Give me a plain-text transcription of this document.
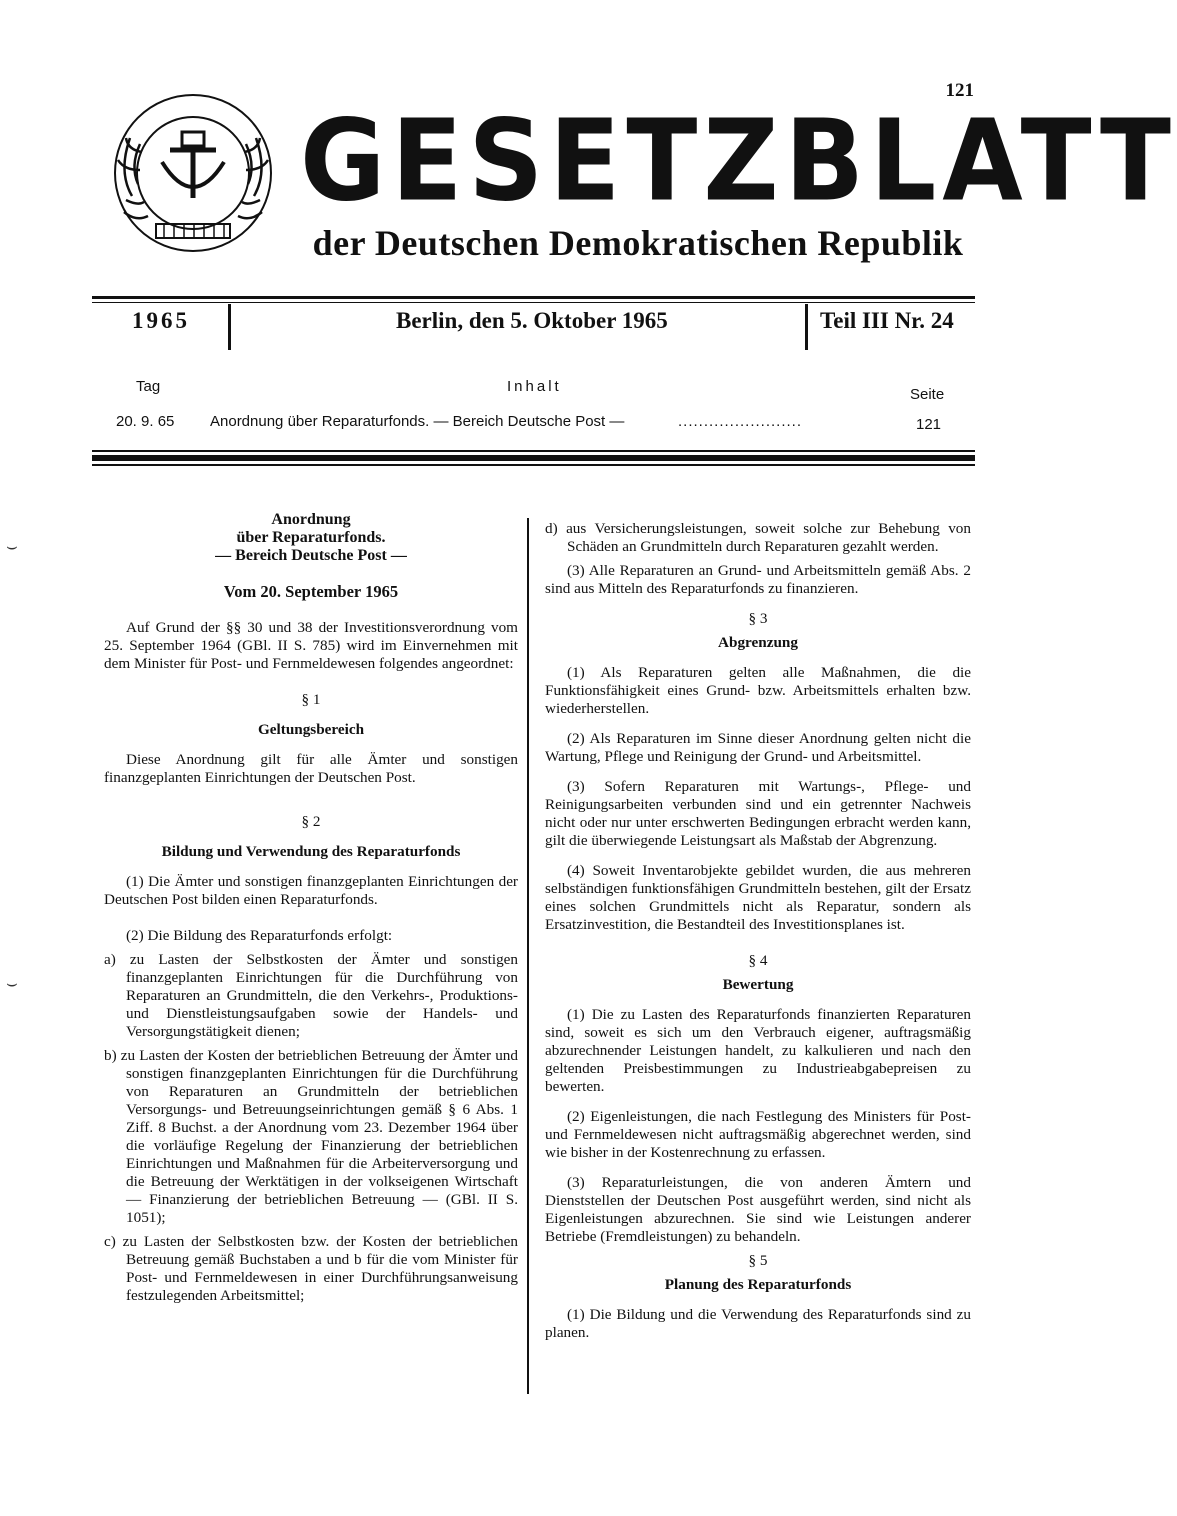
121
GESETZBLATT
der Deutschen Demokratischen Republik
1965	Berlin, den 5. Oktober 1965	Teil III Nr. 24
Tag	Inhalt	Seite
20. 9. 65 Anordnung über Reparaturfonds. — Bereich Deutsche Post —	........................	121
⌣
⌣

Anordnung

über Reparaturfonds.

— Bereich Deutsche Post —

Vom 20. September 1965

Auf Grund der §§ 30 und 38 der Investitionsverordnung vom 25. September 1964 (GBl. II S. 785) wird im Einvernehmen mit dem Minister für Post- und Fernmeldewesen folgendes angeordnet:

§ 1

Geltungsbereich

Diese Anordnung gilt für alle Ämter und sonstigen finanzgeplanten Einrichtungen der Deutschen Post.

§ 2

Bildung und Verwendung des Reparaturfonds

(1) Die Ämter und sonstigen finanzgeplanten Einrichtungen der Deutschen Post bilden einen Reparaturfonds.

(2) Die Bildung des Reparaturfonds erfolgt:

a) zu Lasten der Selbstkosten der Ämter und sonstigen finanzgeplanten Einrichtungen für die Durchführung von Reparaturen an Grundmitteln, die den Verkehrs-, Produktions- und Dienstleistungsaufgaben sowie der Handels- und Versorgungstätigkeit dienen;

b) zu Lasten der Kosten der betrieblichen Betreuung der Ämter und sonstigen finanzgeplanten Einrichtungen für die Durchführung von Reparaturen an Grundmitteln der betrieblichen Versorgungs- und Betreuungseinrichtungen gemäß § 6 Abs. 1 Ziff. 8 Buchst. a der Anordnung vom 23. Dezember 1964 über die vorläufige Regelung der Finanzierung der betrieblichen Einrichtungen und Maßnahmen für die Arbeiterversorgung und die Betreuung der Werktätigen in der volkseigenen Wirtschaft — Finanzierung der betrieblichen Betreuung — (GBl. II S. 1051);

c) zu Lasten der Selbstkosten bzw. der Kosten der betrieblichen Betreuung gemäß Buchstaben a und b für die vom Minister für Post- und Fernmeldewesen in einer Durchführungsanweisung festzulegenden Arbeitsmittel;

d) aus Versicherungsleistungen, soweit solche zur Behebung von Schäden an Grundmitteln durch Reparaturen gezahlt werden.

(3) Alle Reparaturen an Grund- und Arbeitsmitteln gemäß Abs. 2 sind aus Mitteln des Reparaturfonds zu finanzieren.

§ 3

Abgrenzung

(1) Als Reparaturen gelten alle Maßnahmen, die die Funktionsfähigkeit eines Grund- bzw. Arbeitsmittels erhalten bzw. wiederherstellen.

(2) Als Reparaturen im Sinne dieser Anordnung gelten nicht die Wartung, Pflege und Reinigung der Grund- und Arbeitsmittel.

(3) Sofern Reparaturen mit Wartungs-, Pflege- und Reinigungsarbeiten verbunden sind und ein getrennter Nachweis nicht oder nur unter erschwerten Bedingungen erbracht werden kann, gilt die überwiegende Leistungsart als Maßstab der Abgrenzung.

(4) Soweit Inventarobjekte gebildet wurden, die aus mehreren selbständigen funktionsfähigen Grundmitteln bestehen, gilt der Ersatz eines solchen Grundmittels nicht als Reparatur, sondern als Ersatzinvestition, die Bestandteil des Investitionsplanes ist.

§ 4

Bewertung

(1) Die zu Lasten des Reparaturfonds finanzierten Reparaturen sind, soweit es sich um den Verbrauch eigener, auftragsmäßig abzurechnender Leistungen handelt, zu kalkulieren und nach den geltenden Preisbestimmungen zu Industrieabgabepreisen zu bewerten.

(2) Eigenleistungen, die nach Festlegung des Ministers für Post- und Fernmeldewesen nicht auftragsmäßig abgerechnet werden, sind wie bisher in der Kostenrechnung zu erfassen.

(3) Reparaturleistungen, die von anderen Ämtern und Dienststellen der Deutschen Post ausgeführt werden, sind nicht als Eigenleistungen abzurechnen. Sie sind wie Leistungen anderer Betriebe (Fremdleistungen) zu behandeln.

§ 5

Planung des Reparaturfonds

(1) Die Bildung und die Verwendung des Reparaturfonds sind zu planen.
